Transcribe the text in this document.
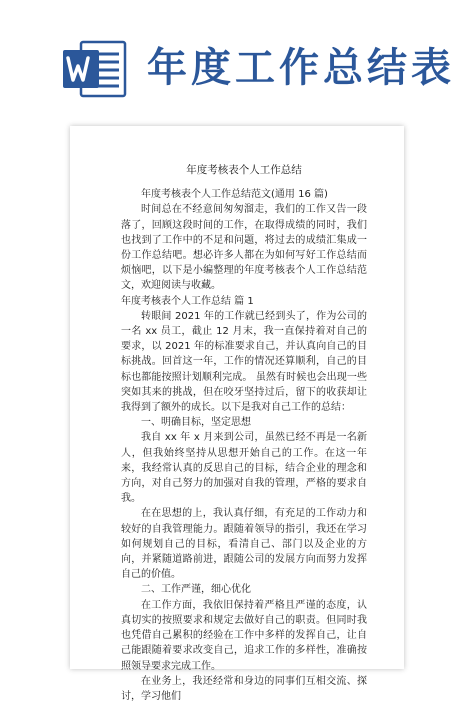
年度工作总结表
年度考核表个人工作总结

年度考核表个人工作总结范文(通用 16 篇)

时间总在不经意间匆匆溜走，我们的工作又告一段落了，回顾这段时间的工作，在取得成绩的同时，我们也找到了工作中的不足和问题，将过去的成绩汇集成一份工作总结吧。想必许多人都在为如何写好工作总结而烦恼吧，以下是小编整理的年度考核表个人工作总结范文，欢迎阅读与收藏。

年度考核表个人工作总结 篇 1

转眼间 2021 年的工作就已经到头了，作为公司的一名 xx 员工，截止 12 月末，我一直保持着对自己的要求，以 2021 年的标准要求自己，并认真向自己的目标挑战。回首这一年，工作的情况还算顺利，自己的目标也都能按照计划顺利完成。 虽然有时候也会出现一些突如其来的挑战，但在咬牙坚持过后，留下的收获却让我得到了额外的成长。以下是我对自己工作的总结：

一、明确目标，坚定思想

我自 xx 年 x 月来到公司，虽然已经不再是一名新人，但我始终坚持从思想开始自己的工作。在这一年来，我经常认真的反思自己的目标，结合企业的理念和方向，对自己努力的加强对自我的管理，严格的要求自我。

在在思想的上，我认真仔细，有充足的工作动力和较好的自我管理能力。跟随着领导的指引，我还在学习如何规划自己的目标，看清自己、部门以及企业的方向，并紧随道路前进，跟随公司的发展方向而努力发挥自己的价值。

二、工作严谨，细心优化

在工作方面，我依旧保持着严格且严谨的态度，认真切实的按照要求和规定去做好自己的职责。但同时我也凭借自己累积的经验在工作中多样的发挥自己，让自己能跟随着要求改变自己，追求工作的多样性，准确按照领导要求完成工作。

在业务上，我还经常和身边的同事们互相交流、探讨，学习他们
